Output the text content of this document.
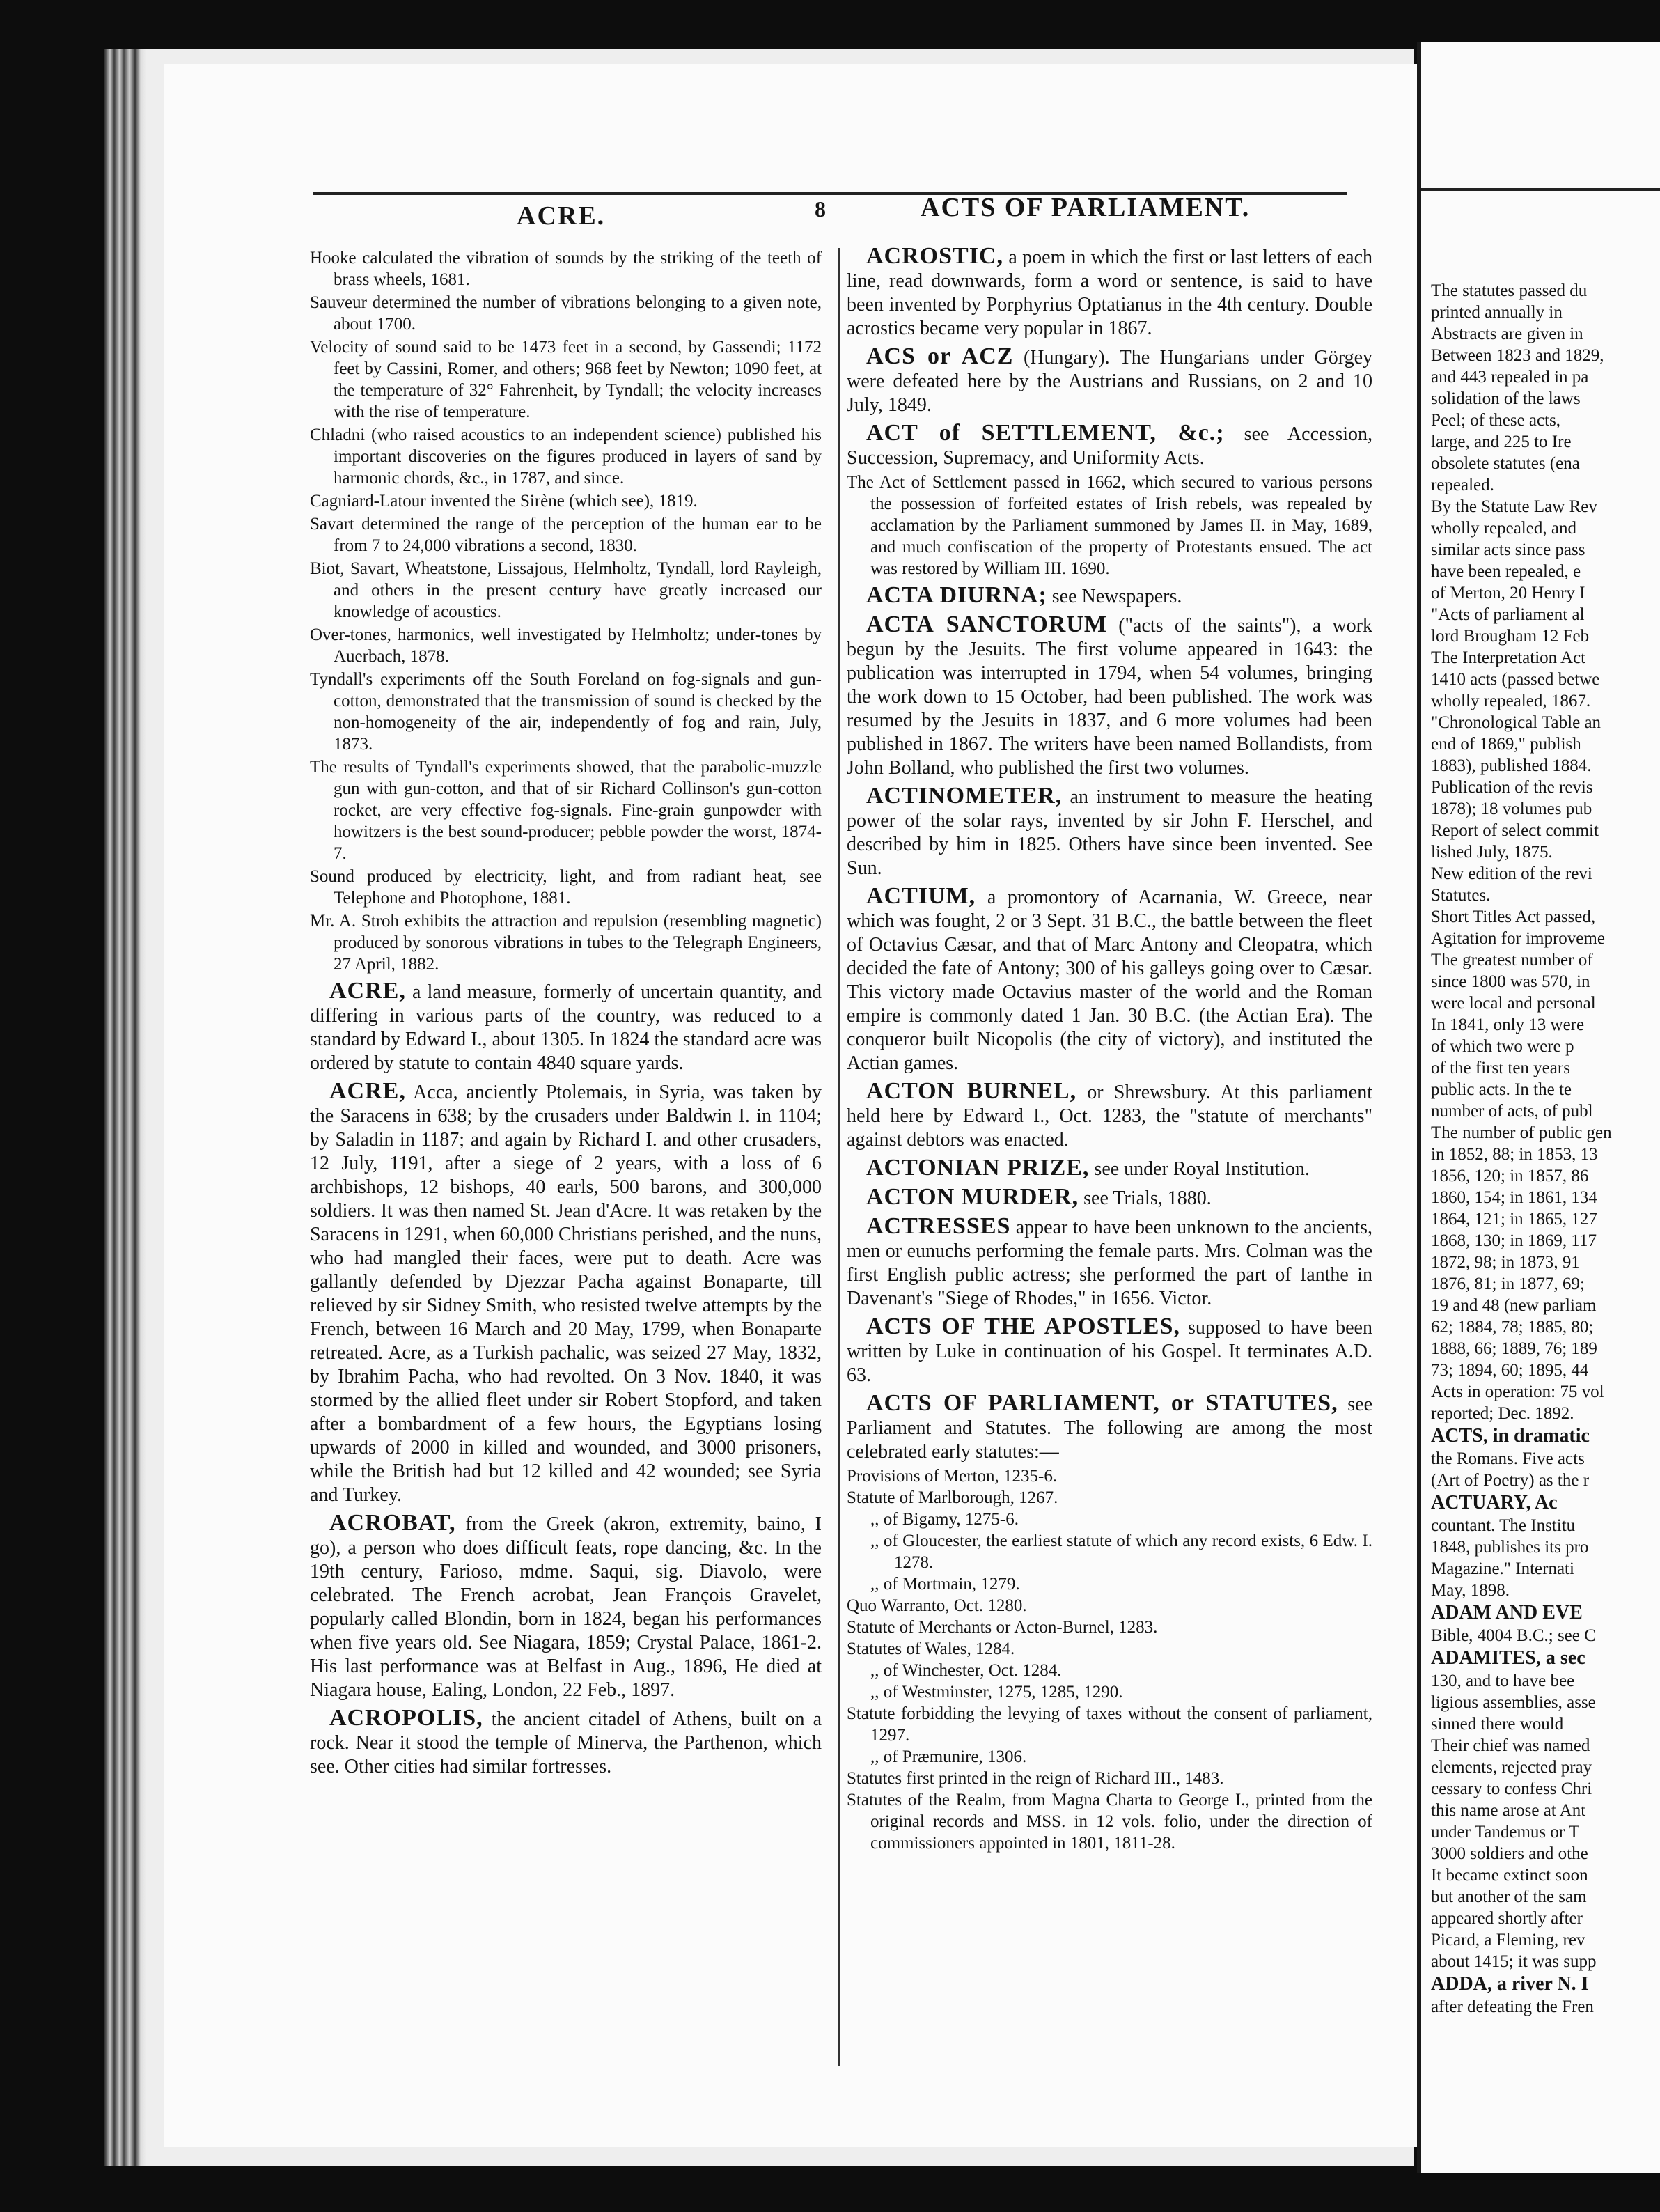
The statutes passed du

printed annually in

Abstracts are given in

Between 1823 and 1829,

and 443 repealed in pa

solidation of the laws

Peel; of these acts,

large, and 225 to Ire

obsolete statutes (ena

repealed.

By the Statute Law Rev

wholly repealed, and

similar acts since pass

have been repealed, e

of Merton, 20 Henry I

"Acts of parliament al

lord Brougham 12 Feb

The Interpretation Act

1410 acts (passed betwe

wholly repealed, 1867.

"Chronological Table an

end of 1869," publish

1883), published 1884.

Publication of the revis

1878); 18 volumes pub

Report of select commit

lished July, 1875.

New edition of the revi

Statutes.

Short Titles Act passed,

Agitation for improveme

The greatest number of

since 1800 was 570, in

were local and personal

In 1841, only 13 were

of which two were p

of the first ten years

public acts. In the te

number of acts, of publ

The number of public gen

in 1852, 88; in 1853, 13

1856, 120; in 1857, 86

1860, 154; in 1861, 134

1864, 121; in 1865, 127

1868, 130; in 1869, 117

1872, 98; in 1873, 91

1876, 81; in 1877, 69;

19 and 48 (new parliam

62; 1884, 78; 1885, 80;

1888, 66; 1889, 76; 189

73; 1894, 60; 1895, 44

Acts in operation: 75 vol

reported; Dec. 1892.

ACTS, in dramatic

the Romans. Five acts

(Art of Poetry) as the r

ACTUARY, Ac

countant. The Institu

1848, publishes its pro

Magazine." Internati

May, 1898.

ADAM AND EVE

Bible, 4004 B.C.; see C

ADAMITES, a sec

130, and to have bee

ligious assemblies, asse

sinned there would

Their chief was named

elements, rejected pray

cessary to confess Chri

this name arose at Ant

under Tandemus or T

3000 soldiers and othe

It became extinct soon

but another of the sam

appeared shortly after

Picard, a Fleming, rev

about 1415; it was supp

ADDA, a river N. I

after defeating the Fren

ACRE.	8	ACTS OF PARLIAMENT.

Hooke calculated the vibration of sounds by the striking of the teeth of brass wheels, 1681.

Sauveur determined the number of vibrations belonging to a given note, about 1700.

Velocity of sound said to be 1473 feet in a second, by Gassendi; 1172 feet by Cassini, Romer, and others; 968 feet by Newton; 1090 feet, at the temperature of 32° Fahrenheit, by Tyndall; the velocity increases with the rise of temperature.

Chladni (who raised acoustics to an independent science) published his important discoveries on the figures produced in layers of sand by harmonic chords, &c., in 1787, and since.

Cagniard-Latour invented the Sirène (which see), 1819.

Savart determined the range of the perception of the human ear to be from 7 to 24,000 vibrations a second, 1830.

Biot, Savart, Wheatstone, Lissajous, Helmholtz, Tyndall, lord Rayleigh, and others in the present century have greatly increased our knowledge of acoustics.

Over-tones, harmonics, well investigated by Helmholtz; under-tones by Auerbach, 1878.

Tyndall's experiments off the South Foreland on fog-signals and gun-cotton, demonstrated that the transmission of sound is checked by the non-homogeneity of the air, independently of fog and rain, July, 1873.

The results of Tyndall's experiments showed, that the parabolic-muzzle gun with gun-cotton, and that of sir Richard Collinson's gun-cotton rocket, are very effective fog-signals. Fine-grain gunpowder with howitzers is the best sound-producer; pebble powder the worst, 1874-7.

Sound produced by electricity, light, and from radiant heat, see Telephone and Photophone, 1881.

Mr. A. Stroh exhibits the attraction and repulsion (resembling magnetic) produced by sonorous vibrations in tubes to the Telegraph Engineers, 27 April, 1882.

ACRE, a land measure, formerly of uncertain quantity, and differing in various parts of the country, was reduced to a standard by Edward I., about 1305. In 1824 the standard acre was ordered by statute to contain 4840 square yards.

ACRE, Acca, anciently Ptolemais, in Syria, was taken by the Saracens in 638; by the crusaders under Baldwin I. in 1104; by Saladin in 1187; and again by Richard I. and other crusaders, 12 July, 1191, after a siege of 2 years, with a loss of 6 archbishops, 12 bishops, 40 earls, 500 barons, and 300,000 soldiers. It was then named St. Jean d'Acre. It was retaken by the Saracens in 1291, when 60,000 Christians perished, and the nuns, who had mangled their faces, were put to death. Acre was gallantly defended by Djezzar Pacha against Bonaparte, till relieved by sir Sidney Smith, who resisted twelve attempts by the French, between 16 March and 20 May, 1799, when Bonaparte retreated. Acre, as a Turkish pachalic, was seized 27 May, 1832, by Ibrahim Pacha, who had revolted. On 3 Nov. 1840, it was stormed by the allied fleet under sir Robert Stopford, and taken after a bombardment of a few hours, the Egyptians losing upwards of 2000 in killed and wounded, and 3000 prisoners, while the British had but 12 killed and 42 wounded; see Syria and Turkey.

ACROBAT, from the Greek (akron, extremity, baino, I go), a person who does difficult feats, rope dancing, &c. In the 19th century, Farioso, mdme. Saqui, sig. Diavolo, were celebrated. The French acrobat, Jean François Gravelet, popularly called Blondin, born in 1824, began his performances when five years old. See Niagara, 1859; Crystal Palace, 1861-2. His last performance was at Belfast in Aug., 1896, He died at Niagara house, Ealing, London, 22 Feb., 1897.

ACROPOLIS, the ancient citadel of Athens, built on a rock. Near it stood the temple of Minerva, the Parthenon, which see. Other cities had similar fortresses.

ACROSTIC, a poem in which the first or last letters of each line, read downwards, form a word or sentence, is said to have been invented by Porphyrius Optatianus in the 4th century. Double acrostics became very popular in 1867.

ACS or ACZ (Hungary). The Hungarians under Görgey were defeated here by the Austrians and Russians, on 2 and 10 July, 1849.

ACT of SETTLEMENT, &c.; see Accession, Succession, Supremacy, and Uniformity Acts.

The Act of Settlement passed in 1662, which secured to various persons the possession of forfeited estates of Irish rebels, was repealed by acclamation by the Parliament summoned by James II. in May, 1689, and much confiscation of the property of Protestants ensued. The act was restored by William III. 1690.

ACTA DIURNA; see Newspapers.

ACTA SANCTORUM ("acts of the saints"), a work begun by the Jesuits. The first volume appeared in 1643: the publication was interrupted in 1794, when 54 volumes, bringing the work down to 15 October, had been published. The work was resumed by the Jesuits in 1837, and 6 more volumes had been published in 1867. The writers have been named Bollandists, from John Bolland, who published the first two volumes.

ACTINOMETER, an instrument to measure the heating power of the solar rays, invented by sir John F. Herschel, and described by him in 1825. Others have since been invented. See Sun.

ACTIUM, a promontory of Acarnania, W. Greece, near which was fought, 2 or 3 Sept. 31 B.C., the battle between the fleet of Octavius Cæsar, and that of Marc Antony and Cleopatra, which decided the fate of Antony; 300 of his galleys going over to Cæsar. This victory made Octavius master of the world and the Roman empire is commonly dated 1 Jan. 30 B.C. (the Actian Era). The conqueror built Nicopolis (the city of victory), and instituted the Actian games.

ACTON BURNEL, or Shrewsbury. At this parliament held here by Edward I., Oct. 1283, the "statute of merchants" against debtors was enacted.

ACTONIAN PRIZE, see under Royal Institution.

ACTON MURDER, see Trials, 1880.

ACTRESSES appear to have been unknown to the ancients, men or eunuchs performing the female parts. Mrs. Colman was the first English public actress; she performed the part of Ianthe in Davenant's "Siege of Rhodes," in 1656. Victor.

ACTS OF THE APOSTLES, supposed to have been written by Luke in continuation of his Gospel. It terminates A.D. 63.

ACTS OF PARLIAMENT, or STATUTES, see Parliament and Statutes. The following are among the most celebrated early statutes:—

Provisions of Merton, 1235-6.

Statute of Marlborough, 1267.

,, of Bigamy, 1275-6.

,, of Gloucester, the earliest statute of which any record exists, 6 Edw. I. 1278.

,, of Mortmain, 1279.

Quo Warranto, Oct. 1280.

Statute of Merchants or Acton-Burnel, 1283.

Statutes of Wales, 1284.

,, of Winchester, Oct. 1284.

,, of Westminster, 1275, 1285, 1290.

Statute forbidding the levying of taxes without the consent of parliament, 1297.

,, of Præmunire, 1306.

Statutes first printed in the reign of Richard III., 1483.

Statutes of the Realm, from Magna Charta to George I., printed from the original records and MSS. in 12 vols. folio, under the direction of commissioners appointed in 1801, 1811-28.
